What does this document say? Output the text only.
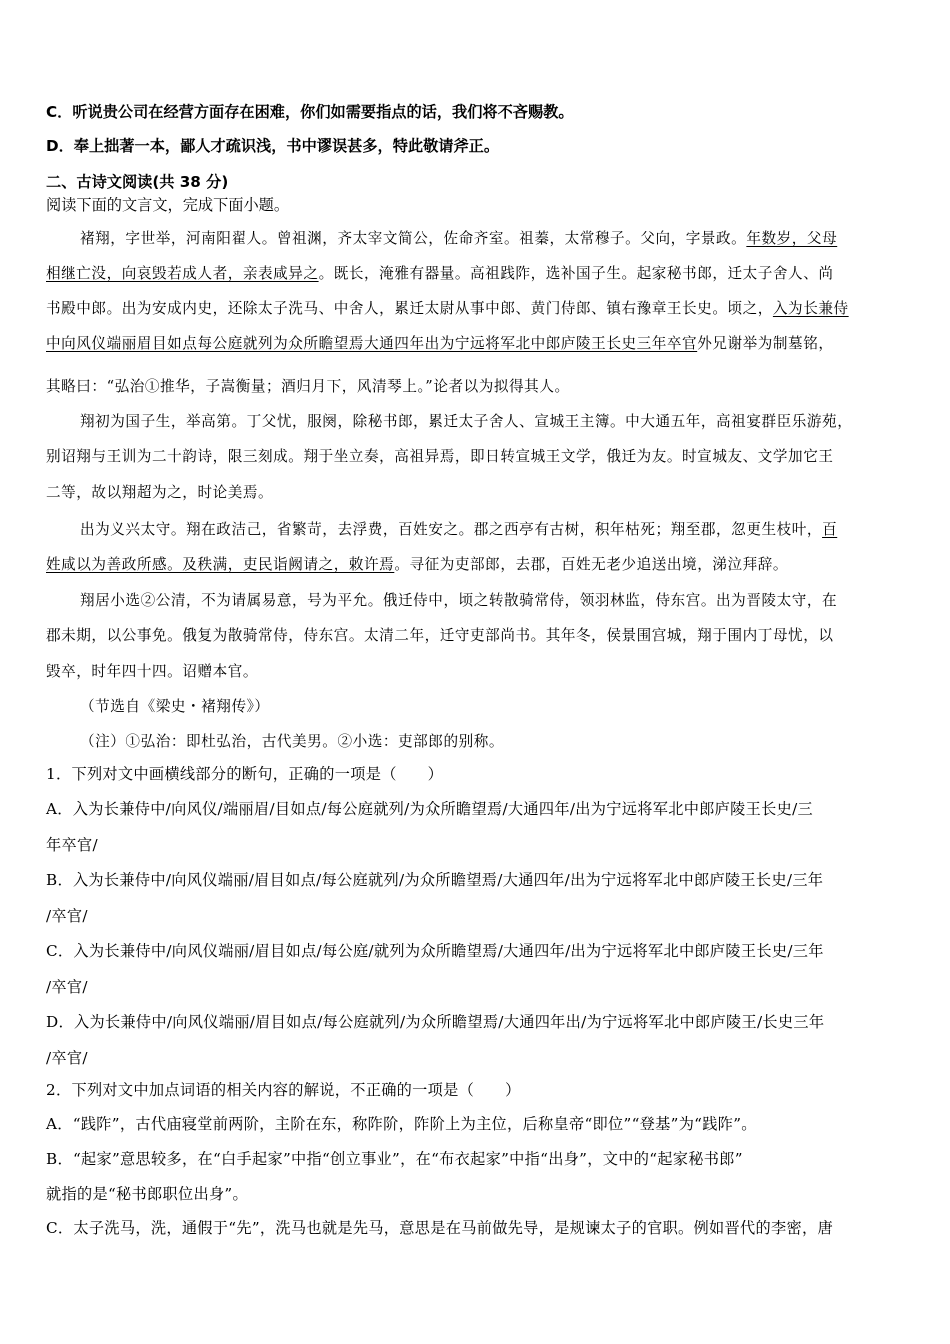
C．听说贵公司在经营方面存在困难，你们如需要指点的话，我们将不吝赐教。
D．奉上拙著一本，鄙人才疏识浅，书中谬误甚多，特此敬请斧正。
二、古诗文阅读(共 38 分)
阅读下面的文言文，完成下面小题。
褚翔，字世举，河南阳翟人。曾祖渊，齐太宰文简公，佐命齐室。祖蓁，太常穆子。父向，字景政。年数岁，父母
相继亡没，向哀毁若成人者，亲表咸异之。既长，淹雅有器量。高祖践阼，选补国子生。起家秘书郎，迁太子舍人、尚
书殿中郎。出为安成内史，还除太子洗马、中舍人，累迁太尉从事中郎、黄门侍郎、镇右豫章王长史。顷之，入为长兼侍
中向风仪端丽眉目如点每公庭就列为众所瞻望焉大通四年出为宁远将军北中郎庐陵王长史三年卒官外兄谢举为制墓铭，
其略曰：“弘治①推华，子嵩衡量；酒归月下，风清琴上。”论者以为拟得其人。
翔初为国子生，举高第。丁父忧，服阕，除秘书郎，累迁太子舍人、宣城王主簿。中大通五年，高祖宴群臣乐游苑，
别诏翔与王训为二十韵诗，限三刻成。翔于坐立奏，高祖异焉，即日转宣城王文学，俄迁为友。时宣城友、文学加它王
二等，故以翔超为之，时论美焉。
出为义兴太守。翔在政洁己，省繁苛，去浮费，百姓安之。郡之西亭有古树，积年枯死；翔至郡，忽更生枝叶，百
姓咸以为善政所感。及秩满，吏民诣阙请之，敕许焉。寻征为吏部郎，去郡，百姓无老少追送出境，涕泣拜辞。
翔居小选②公清，不为请属易意，号为平允。俄迁侍中，顷之转散骑常侍，领羽林监，侍东宫。出为晋陵太守，在
郡未期，以公事免。俄复为散骑常侍，侍东宫。太清二年，迁守吏部尚书。其年冬，侯景围宫城，翔于围内丁母忧，以
毁卒，时年四十四。诏赠本官。
（节选自《梁史・褚翔传》）
（注）①弘治：即杜弘治，古代美男。②小选：吏部郎的别称。
1．下列对文中画横线部分的断句，正确的一项是（　　）
A．入为长兼侍中/向风仪/端丽眉/目如点/每公庭就列/为众所瞻望焉/大通四年/出为宁远将军北中郎庐陵王长史/三
年卒官/
B．入为长兼侍中/向风仪端丽/眉目如点/每公庭就列/为众所瞻望焉/大通四年/出为宁远将军北中郎庐陵王长史/三年
/卒官/
C．入为长兼侍中/向风仪端丽/眉目如点/每公庭/就列为众所瞻望焉/大通四年/出为宁远将军北中郎庐陵王长史/三年
/卒官/
D．入为长兼侍中/向风仪端丽/眉目如点/每公庭就列/为众所瞻望焉/大通四年出/为宁远将军北中郎庐陵王/长史三年
/卒官/
2．下列对文中加点词语的相关内容的解说，不正确的一项是（　　）
A．“践阼”，古代庙寝堂前两阶，主阶在东，称阼阶，阼阶上为主位，后称皇帝“即位”“登基”为“践阼”。
B．“起家”意思较多，在“白手起家”中指“创立事业”，在“布衣起家”中指“出身”，文中的“起家秘书郎”
就指的是“秘书郎职位出身”。
C．太子洗马，洗，通假于“先”，洗马也就是先马，意思是在马前做先导，是规谏太子的官职。例如晋代的李密，唐
